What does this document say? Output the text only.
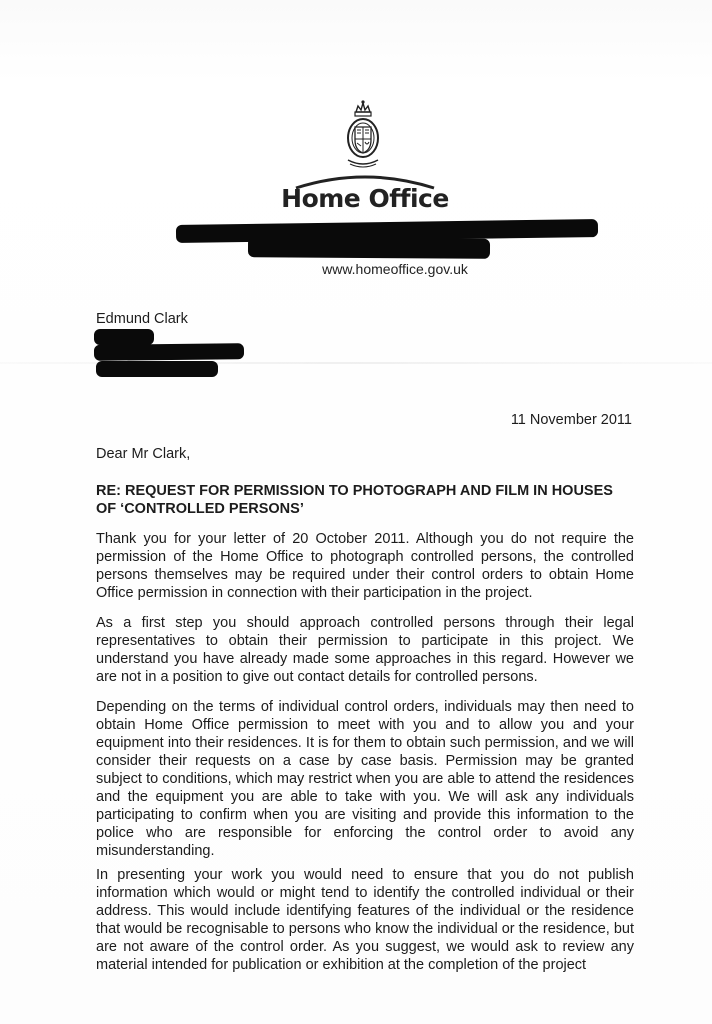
Home Office
www.homeoffice.gov.uk
Edmund Clark
11 November 2011
Dear Mr Clark,
RE: REQUEST FOR PERMISSION TO PHOTOGRAPH AND FILM IN HOUSES OF ‘CONTROLLED PERSONS’

Thank you for your letter of 20 October 2011. Although you do not require the permission of the Home Office to photograph controlled persons, the controlled persons themselves may be required under their control orders to obtain Home Office permission in connection with their participation in the project.

As a first step you should approach controlled persons through their legal representatives to obtain their permission to participate in this project. We understand you have already made some approaches in this regard. However we are not in a position to give out contact details for controlled persons.

Depending on the terms of individual control orders, individuals may then need to obtain Home Office permission to meet with you and to allow you and your equipment into their residences. It is for them to obtain such permission, and we will consider their requests on a case by case basis. Permission may be granted subject to conditions, which may restrict when you are able to attend the residences and the equipment you are able to take with you. We will ask any individuals participating to confirm when you are visiting and provide this information to the police who are responsible for enforcing the control order to avoid any misunderstanding.

In presenting your work you would need to ensure that you do not publish information which would or might tend to identify the controlled individual or their address. This would include identifying features of the individual or the residence that would be recognisable to persons who know the individual or the residence, but are not aware of the control order. As you suggest, we would ask to review any material intended for publication or exhibition at the completion of the project
